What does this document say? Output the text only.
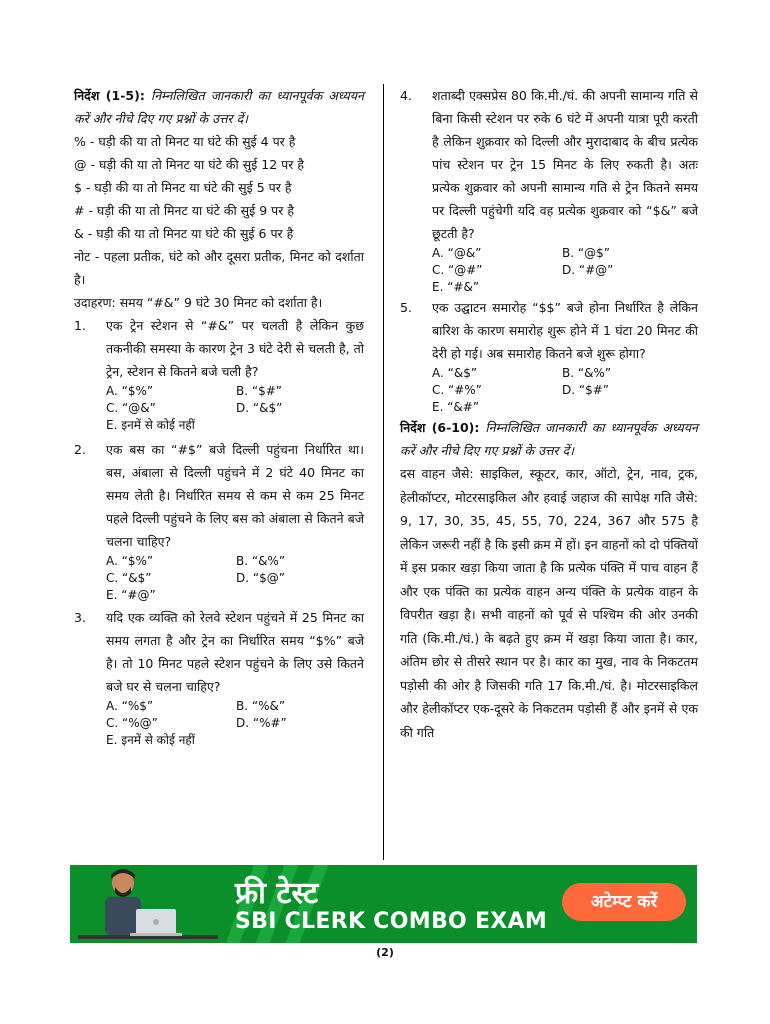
निर्देश (1-5): निम्नलिखित जानकारी का ध्यानपूर्वक अध्ययन करें और नीचे दिए गए प्रश्नों के उत्तर दें।

% - घड़ी की या तो मिनट या घंटे की सुई 4 पर है

@ - घड़ी की या तो मिनट या घंटे की सुई 12 पर है

$ - घड़ी की या तो मिनट या घंटे की सुई 5 पर है

# - घड़ी की या तो मिनट या घंटे की सुई 9 पर है

& - घड़ी की या तो मिनट या घंटे की सुई 6 पर है

नोट - पहला प्रतीक, घंटे को और दूसरा प्रतीक, मिनट को दर्शाता है।

उदाहरण: समय “#&” 9 घंटे 30 मिनट को दर्शाता है।

1. एक ट्रेन स्टेशन से “#&” पर चलती है लेकिन कुछ तकनीकी समस्या के कारण ट्रेन 3 घंटे देरी से चलती है, तो ट्रेन, स्टेशन से कितने बजे चली है?
A. “$%”	B. “$#”
C. “@&”	D. “&$”
E. इनमें से कोई नहीं
2. एक बस का “#$” बजे दिल्ली पहुंचना निर्धारित था। बस, अंबाला से दिल्ली पहुंचने में 2 घंटे 40 मिनट का समय लेती है। निर्धारित समय से कम से कम 25 मिनट पहले दिल्ली पहुंचने के लिए बस को अंबाला से कितने बजे चलना चाहिए?
A. “$%”	B. “&%”
C. “&$”	D. “$@”
E. “#@”
3. यदि एक व्यक्ति को रेलवे स्टेशन पहुंचने में 25 मिनट का समय लगता है और ट्रेन का निर्धारित समय “$%” बजे है। तो 10 मिनट पहले स्टेशन पहुंचने के लिए उसे कितने बजे घर से चलना चाहिए?
A. “%$”	B. “%&”
C. “%@”	D. “%#”
E. इनमें से कोई नहीं
4. शताब्दी एक्सप्रेस 80 कि.मी./घं. की अपनी सामान्य गति से बिना किसी स्टेशन पर रुके 6 घंटे में अपनी यात्रा पूरी करती है लेकिन शुक्रवार को दिल्ली और मुरादाबाद के बीच प्रत्येक पांच स्टेशन पर ट्रेन 15 मिनट के लिए रुकती है। अतः प्रत्येक शुक्रवार को अपनी सामान्य गति से ट्रेन कितने समय पर दिल्ली पहुंचेगी यदि वह प्रत्येक शुक्रवार को “$&” बजे छूटती है?
A. “@&”	B. “@$”
C. “@#”	D. “#@”
E. “#&”
5. एक उद्घाटन समारोह “$$” बजे होना निर्धारित है लेकिन बारिश के कारण समारोह शुरू होने में 1 घंटा 20 मिनट की देरी हो गई। अब समारोह कितने बजे शुरू होगा?
A. “&$”	B. “&%”
C. “#%”	D. “$#”
E. “&#”
निर्देश (6-10): निम्नलिखित जानकारी का ध्यानपूर्वक अध्ययन करें और नीचे दिए गए प्रश्नों के उत्तर दें।

दस वाहन जैसे: साइकिल, स्कूटर, कार, ऑटो, ट्रेन, नाव, ट्रक, हेलीकॉप्टर, मोटरसाइकिल और हवाई जहाज की सापेक्ष गति जैसे: 9, 17, 30, 35, 45, 55, 70, 224, 367 और 575 है लेकिन जरूरी नहीं है कि इसी क्रम में हों। इन वाहनों को दो पंक्तियों में इस प्रकार खड़ा किया जाता है कि प्रत्येक पंक्ति में पाच वाहन हैं और एक पंक्ति का प्रत्येक वाहन अन्य पंक्ति के प्रत्येक वाहन के विपरीत खड़ा है। सभी वाहनों को पूर्व से पश्चिम की ओर उनकी गति (कि.मी./घं.) के बढ़ते हुए क्रम में खड़ा किया जाता है। कार, अंतिम छोर से तीसरे स्थान पर है। कार का मुख, नाव के निकटतम पड़ोसी की ओर है जिसकी गति 17 कि.मी./घं. है। मोटरसाइकिल और हेलीकॉप्टर एक-दूसरे के निकटतम पड़ोसी हैं और इनमें से एक की गति

फ्री टेस्ट
SBI CLERK COMBO EXAM
अटेम्प्ट करें
(2)
